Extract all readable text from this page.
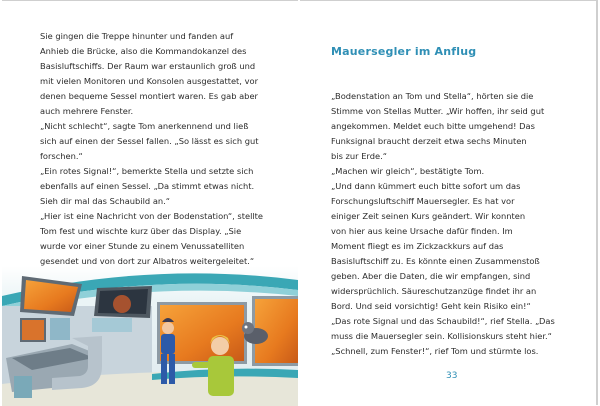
Sie gingen die Treppe hinunter und fanden auf
Anhieb die Brücke, also die Kommandokanzel des
Basisluftschiffs. Der Raum war erstaunlich groß und
mit vielen Monitoren und Konsolen ausgestattet, vor
denen bequeme Sessel montiert waren. Es gab aber
auch mehrere Fenster.
„Nicht schlecht“, sagte Tom anerkennend und ließ
sich auf einen der Sessel fallen. „So lässt es sich gut
forschen.“
„Ein rotes Signal!“, bemerkte Stella und setzte sich
ebenfalls auf einen Sessel. „Da stimmt etwas nicht.
Sieh dir mal das Schaubild an.“
„Hier ist eine Nachricht von der Bodenstation“, stellte
Tom fest und wischte kurz über das Display. „Sie
wurde vor einer Stunde zu einem Venussatelliten
gesendet und von dort zur Albatros weitergeleitet.“
Mauersegler im Anflug
„Bodenstation an Tom und Stella“, hörten sie die
Stimme von Stellas Mutter. „Wir hoffen, ihr seid gut
angekommen. Meldet euch bitte umgehend! Das
Funksignal braucht derzeit etwa sechs Minuten
bis zur Erde.“
„Machen wir gleich“, bestätigte Tom.
„Und dann kümmert euch bitte sofort um das
Forschungsluftschiff Mauersegler. Es hat vor
einiger Zeit seinen Kurs geändert. Wir konnten
von hier aus keine Ursache dafür finden. Im
Moment fliegt es im Zickzackkurs auf das
Basisluftschiff zu. Es könnte einen Zusammenstoß
geben. Aber die Daten, die wir empfangen, sind
widersprüchlich. Säureschutzanzüge findet ihr an
Bord. Und seid vorsichtig! Geht kein Risiko ein!“
„Das rote Signal und das Schaubild!“, rief Stella. „Das
muss die Mauersegler sein. Kollisionskurs steht hier.“
„Schnell, zum Fenster!“, rief Tom und stürmte los.
33
